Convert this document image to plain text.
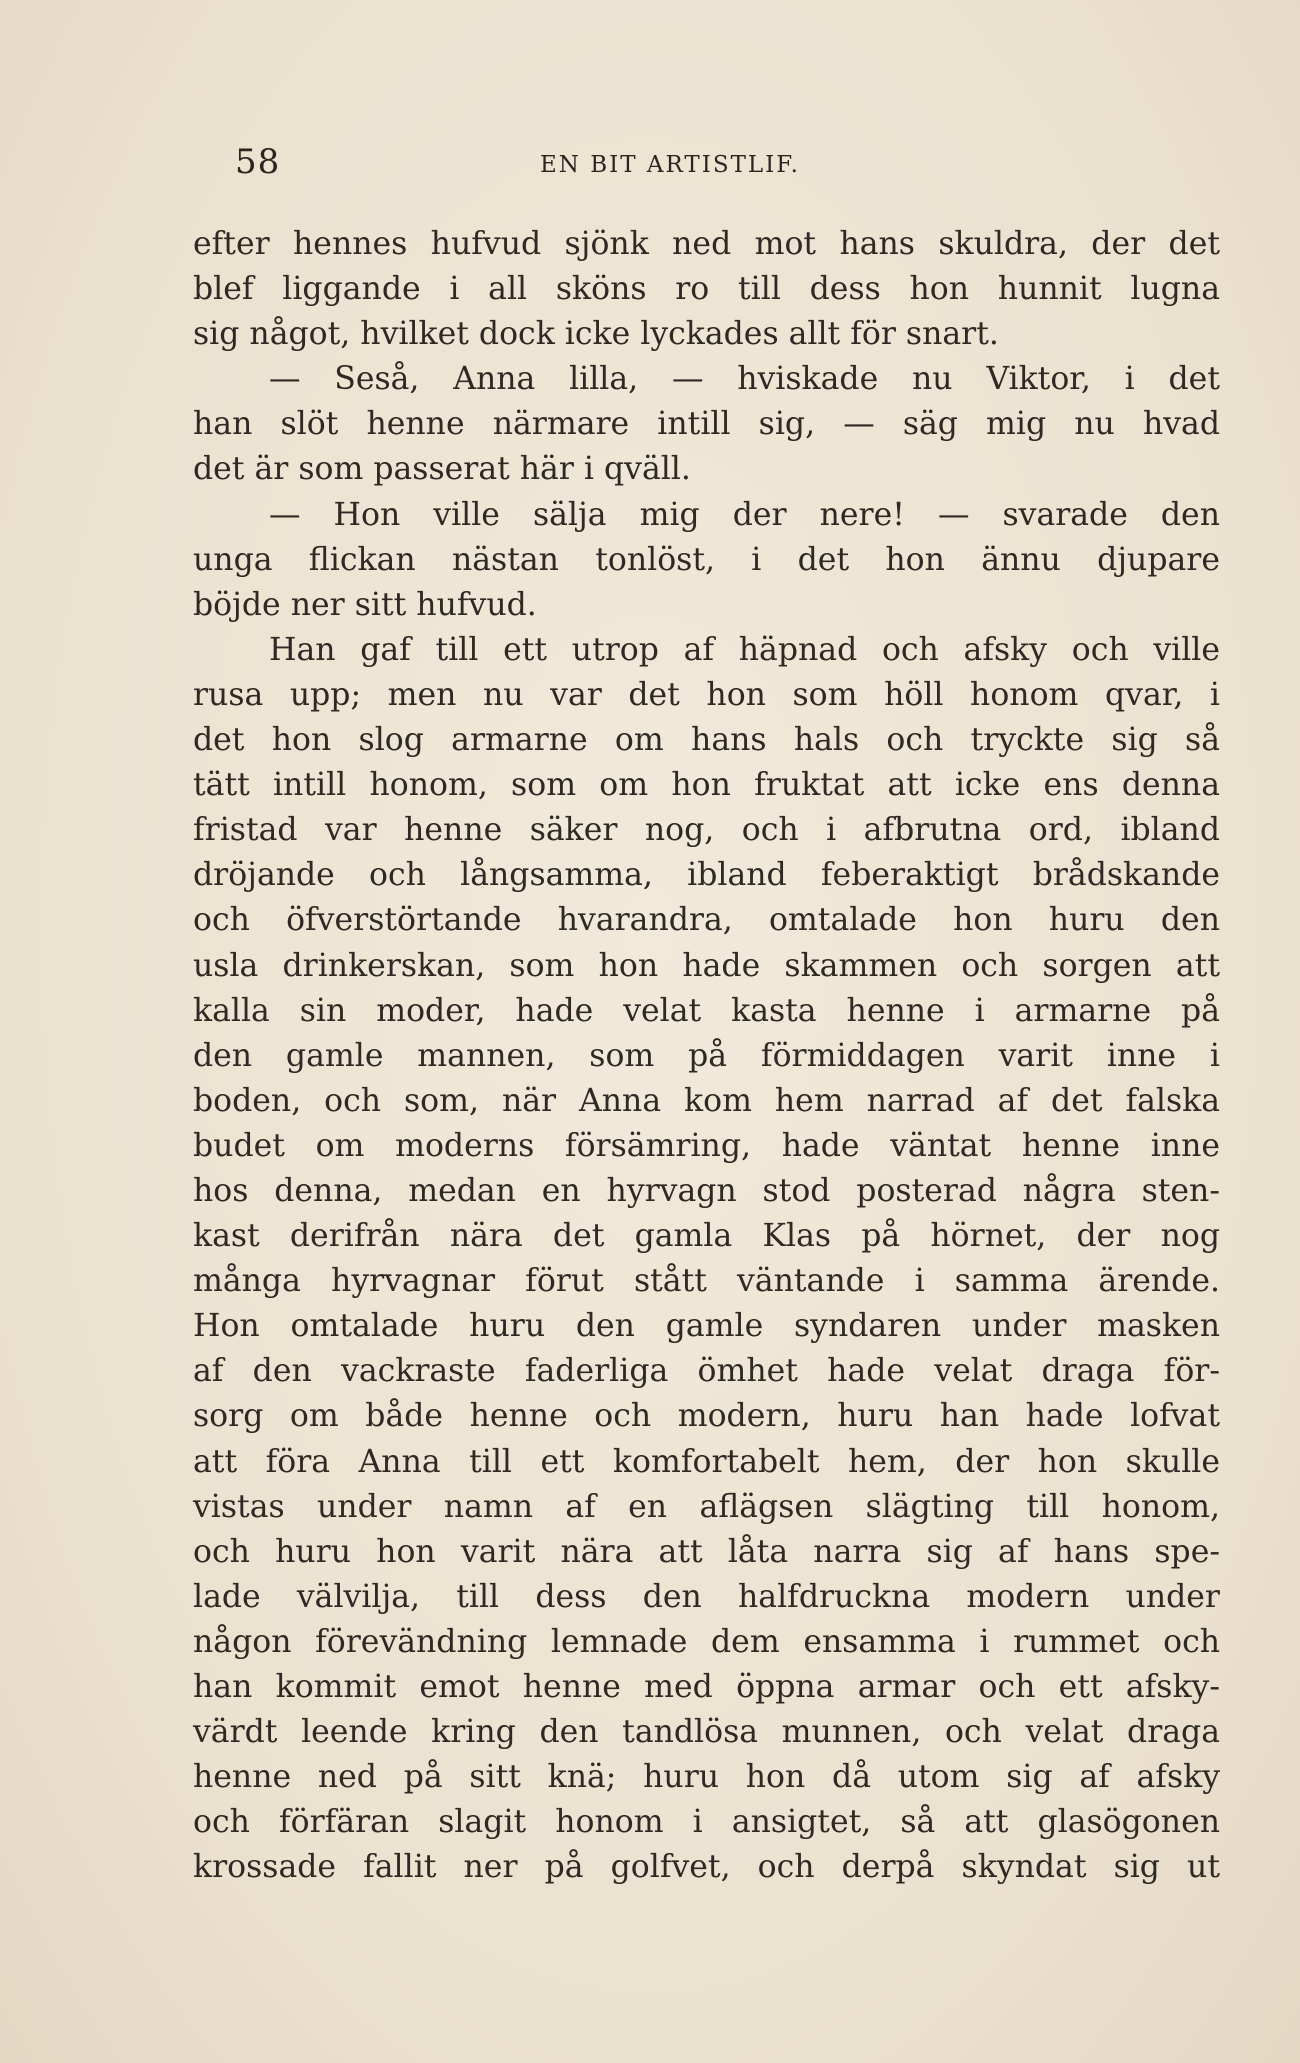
58	EN BIT ARTISTLIF.
efter hennes hufvud sjönk ned mot hans skuldra, der det
blef liggande i all sköns ro till dess hon hunnit lugna
sig något, hvilket dock icke lyckades allt för snart.
— Seså, Anna lilla, — hviskade nu Viktor, i det
han slöt henne närmare intill sig, — säg mig nu hvad
det är som passerat här i qväll.
— Hon ville sälja mig der nere! — svarade den
unga flickan nästan tonlöst, i det hon ännu djupare
böjde ner sitt hufvud.
Han gaf till ett utrop af häpnad och afsky och ville
rusa upp; men nu var det hon som höll honom qvar, i
det hon slog armarne om hans hals och tryckte sig så
tätt intill honom, som om hon fruktat att icke ens denna
fristad var henne säker nog, och i afbrutna ord, ibland
dröjande och långsamma, ibland feberaktigt brådskande
och öfverstörtande hvarandra, omtalade hon huru den
usla drinkerskan, som hon hade skammen och sorgen att
kalla sin moder, hade velat kasta henne i armarne på
den gamle mannen, som på förmiddagen varit inne i
boden, och som, när Anna kom hem narrad af det falska
budet om moderns försämring, hade väntat henne inne
hos denna, medan en hyrvagn stod posterad några sten-
kast derifrån nära det gamla Klas på hörnet, der nog
många hyrvagnar förut stått väntande i samma ärende.
Hon omtalade huru den gamle syndaren under masken
af den vackraste faderliga ömhet hade velat draga för-
sorg om både henne och modern, huru han hade lofvat
att föra Anna till ett komfortabelt hem, der hon skulle
vistas under namn af en aflägsen slägting till honom,
och huru hon varit nära att låta narra sig af hans spe-
lade välvilja, till dess den halfdruckna modern under
någon förevändning lemnade dem ensamma i rummet och
han kommit emot henne med öppna armar och ett afsky-
värdt leende kring den tandlösa munnen, och velat draga
henne ned på sitt knä; huru hon då utom sig af afsky
och förfäran slagit honom i ansigtet, så att glasögonen
krossade fallit ner på golfvet, och derpå skyndat sig ut
